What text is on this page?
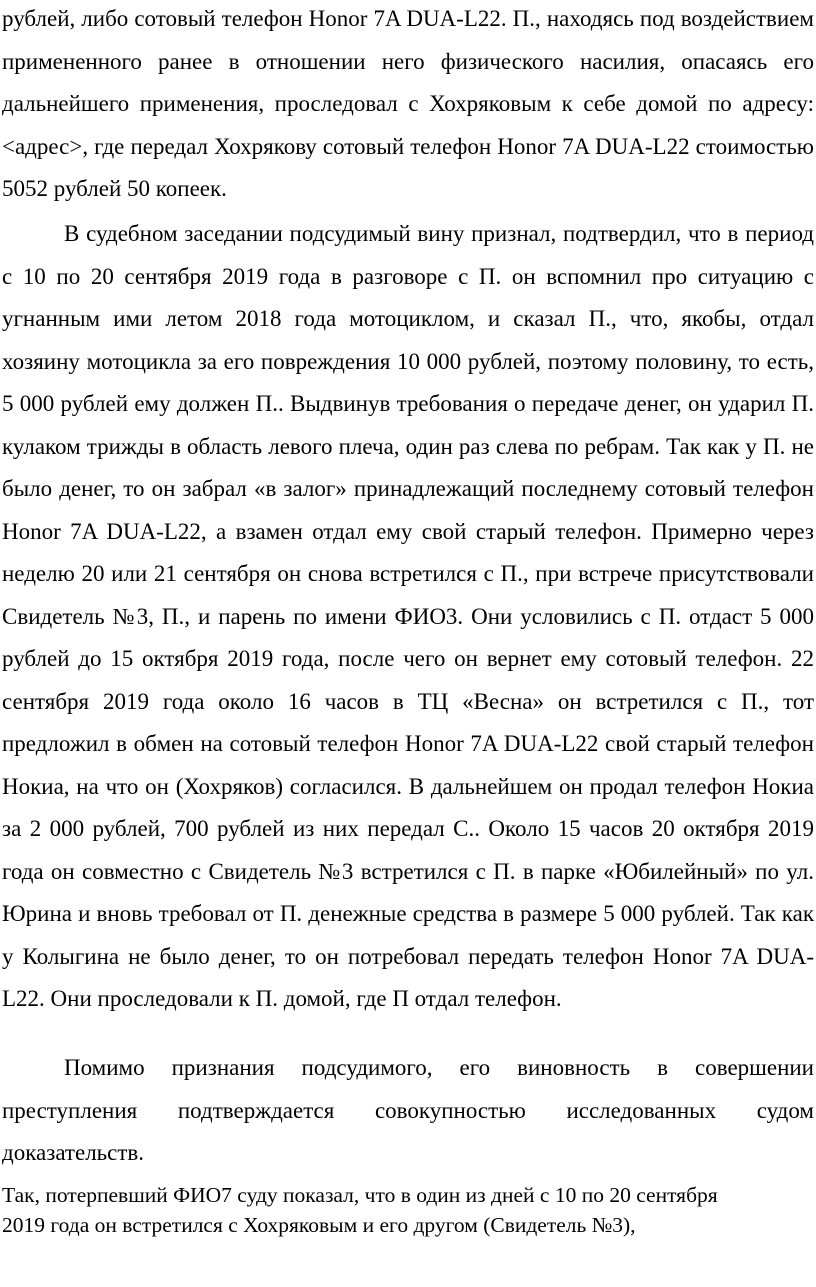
рублей, либо сотовый телефон Honor 7A DUA-L22. П., находясь под воздействием примененного ранее в отношении него физического насилия, опасаясь его дальнейшего применения, проследовал с Хохряковым к себе домой по адресу: <адрес>, где передал Хохрякову сотовый телефон Honor 7A DUA-L22 стоимостью 5052 рублей 50 копеек.

В судебном заседании подсудимый вину признал, подтвердил, что в период с 10 по 20 сентября 2019 года в разговоре с П. он вспомнил про ситуацию с угнанным ими летом 2018 года мотоциклом, и сказал П., что, якобы, отдал хозяину мотоцикла за его повреждения 10 000 рублей, поэтому половину, то есть, 5 000 рублей ему должен П.. Выдвинув требования о передаче денег, он ударил П. кулаком трижды в область левого плеча, один раз слева по ребрам. Так как у П. не было денег, то он забрал «в залог» принадлежащий последнему сотовый телефон Honor 7A DUA-L22, а взамен отдал ему свой старый телефон. Примерно через неделю 20 или 21 сентября он снова встретился с П., при встрече присутствовали Свидетель №3, П., и парень по имени ФИО3. Они условились с П. отдаст 5 000 рублей до 15 октября 2019 года, после чего он вернет ему сотовый телефон. 22 сентября 2019 года около 16 часов в ТЦ «Весна» он встретился с П., тот предложил в обмен на сотовый телефон Honor 7A DUA-L22 свой старый телефон Нокиа, на что он (Хохряков) согласился. В дальнейшем он продал телефон Нокиа за 2 000 рублей, 700 рублей из них передал С.. Около 15 часов 20 октября 2019 года он совместно с Свидетель №3 встретился с П. в парке «Юбилейный» по ул. Юрина и вновь требовал от П. денежные средства в размере 5 000 рублей. Так как у Колыгина не было денег, то он потребовал передать телефон Honor 7A DUA-L22. Они проследовали к П. домой, где П отдал телефон.

Помимо признания подсудимого, его виновность в совершении преступления подтверждается совокупностью исследованных судом доказательств.

Так, потерпевший ФИО7 суду показал, что в один из дней с 10 по 20 сентября 2019 года он встретился с Хохряковым и его другом (Свидетель №3),
